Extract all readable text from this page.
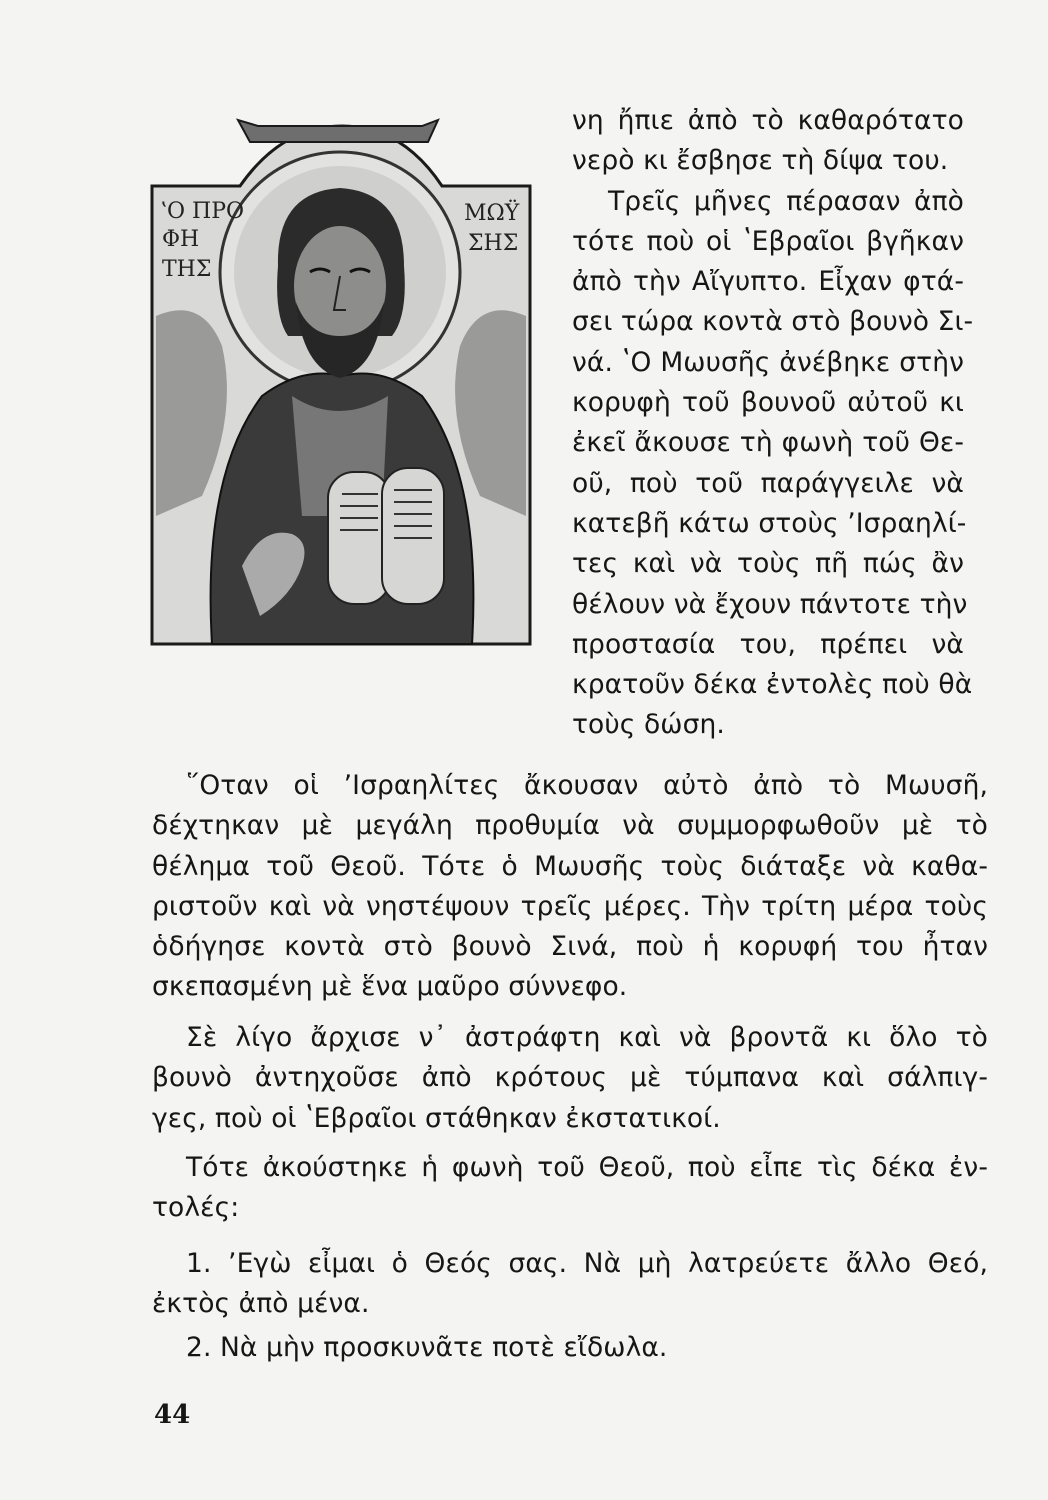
ʽΟ ΠΡΟ
ΦΗ
ΤΗΣ
ΜΩΫ
ΣΗΣ
νη ἤπιε ἀπὸ τὸ καθαρότατο
νερὸ κι ἔσβησε τὴ δίψα του.
Τρεῖς μῆνες πέρασαν ἀπὸ
τότε ποὺ οἱ ʽΕβραῖοι βγῆκαν
ἀπὸ τὴν Αἴγυπτο. Εἶχαν φτά-
σει τώρα κοντὰ στὸ βουνὸ Σι-
νά. ʽΟ Μωυσῆς ἀνέβηκε στὴν
κορυφὴ τοῦ βουνοῦ αὐτοῦ κι
ἐκεῖ ἄκουσε τὴ φωνὴ τοῦ Θε-
οῦ, ποὺ τοῦ παράγγειλε νὰ
κατεβῆ κάτω στοὺς ʼΙσραηλί-
τες καὶ νὰ τοὺς πῆ πώς ἂν
θέλουν νὰ ἔχουν πάντοτε τὴν
προστασία του, πρέπει νὰ
κρατοῦν δέκα ἐντολὲς ποὺ θὰ
τοὺς δώση.
῞Οταν οἱ ʼΙσραηλίτες ἄκουσαν αὐτὸ ἀπὸ τὸ Μωυσῆ,
δέχτηκαν μὲ μεγάλη προθυμία νὰ συμμορφωθοῦν μὲ τὸ
θέλημα τοῦ Θεοῦ. Τότε ὁ Μωυσῆς τοὺς διάταξε νὰ καθα-
ριστοῦν καὶ νὰ νηστέψουν τρεῖς μέρες. Τὴν τρίτη μέρα τοὺς
ὁδήγησε κοντὰ στὸ βουνὸ Σινά, ποὺ ἡ κορυφή του ἦταν
σκεπασμένη μὲ ἕνα μαῦρο σύννεφο.
Σὲ λίγο ἄρχισε ν᾽ ἀστράφτη καὶ νὰ βροντᾶ κι ὅλο τὸ
βουνὸ ἀντηχοῦσε ἀπὸ κρότους μὲ τύμπανα καὶ σάλπιγ-
γες, ποὺ οἱ ʽΕβραῖοι στάθηκαν ἐκστατικοί.
Τότε ἀκούστηκε ἡ φωνὴ τοῦ Θεοῦ, ποὺ εἶπε τὶς δέκα ἐν-
τολές:
1. ʼΕγὼ εἶμαι ὁ Θεός σας. Νὰ μὴ λατρεύετε ἄλλο Θεό,
ἐκτὸς ἀπὸ μένα.
2. Νὰ μὴν προσκυνᾶτε ποτὲ εἴδωλα.
44
